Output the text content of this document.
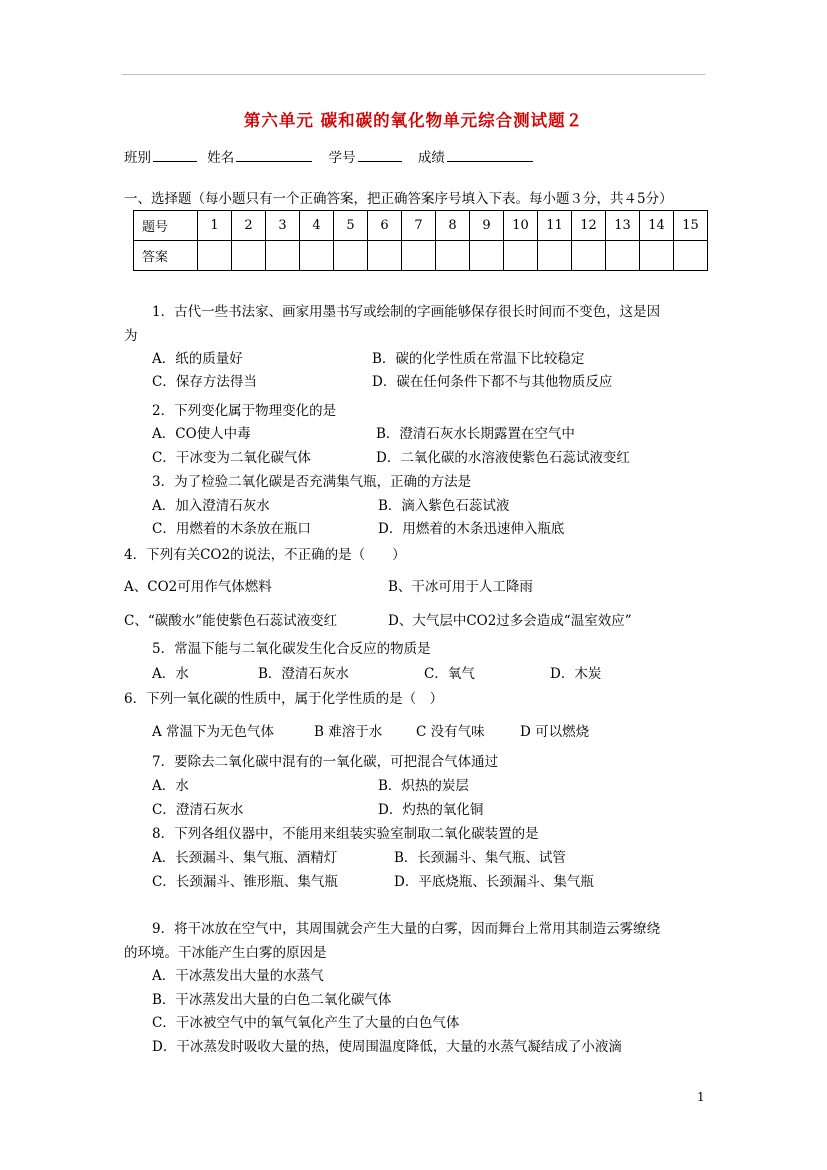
第六单元 碳和碳的氧化物单元综合测试题２
班别	姓名	学号	成绩
一、选择题（每小题只有一个正确答案，把正确答案序号填入下表。每小题３分，共４5分）
题号	1	2	3	4	5	6	7	8	9	10	11	12	13	14	15
答案															
1．古代一些书法家、画家用墨书写或绘制的字画能够保存很长时间而不变色，这是因
为
A．纸的质量好	B．碳的化学性质在常温下比较稳定
C．保存方法得当	D．碳在任何条件下都不与其他物质反应
2．下列变化属于物理变化的是
A．CO使人中毒	B．澄清石灰水长期露置在空气中
C．干冰变为二氧化碳气体	D．二氧化碳的水溶液使紫色石蕊试液变红
3．为了检验二氧化碳是否充满集气瓶，正确的方法是
A．加入澄清石灰水	B．滴入紫色石蕊试液
C．用燃着的木条放在瓶口	D．用燃着的木条迅速伸入瓶底
4．下列有关CO2的说法，不正确的是（　　）
A、CO2可用作气体燃料	B、干冰可用于人工降雨
C、“碳酸水”能使紫色石蕊试液变红	D、大气层中CO2过多会造成“温室效应”
5．常温下能与二氧化碳发生化合反应的物质是
A．水	B．澄清石灰水	C．氧气	D．木炭
6．下列一氧化碳的性质中，属于化学性质的是（　）
A 常温下为无色气体	B 难溶于水	C 没有气味	D 可以燃烧
7．要除去二氧化碳中混有的一氧化碳，可把混合气体通过
A．水	B．炽热的炭层
C．澄清石灰水	D．灼热的氧化铜
8．下列各组仪器中，不能用来组装实验室制取二氧化碳装置的是
A．长颈漏斗、集气瓶、酒精灯	B．长颈漏斗、集气瓶、试管
C．长颈漏斗、锥形瓶、集气瓶	D．平底烧瓶、长颈漏斗、集气瓶
9．将干冰放在空气中，其周围就会产生大量的白雾，因而舞台上常用其制造云雾缭绕
的环境。干冰能产生白雾的原因是
A．干冰蒸发出大量的水蒸气
B．干冰蒸发出大量的白色二氧化碳气体
C．干冰被空气中的氧气氧化产生了大量的白色气体
D．干冰蒸发时吸收大量的热，使周围温度降低，大量的水蒸气凝结成了小液滴
1
